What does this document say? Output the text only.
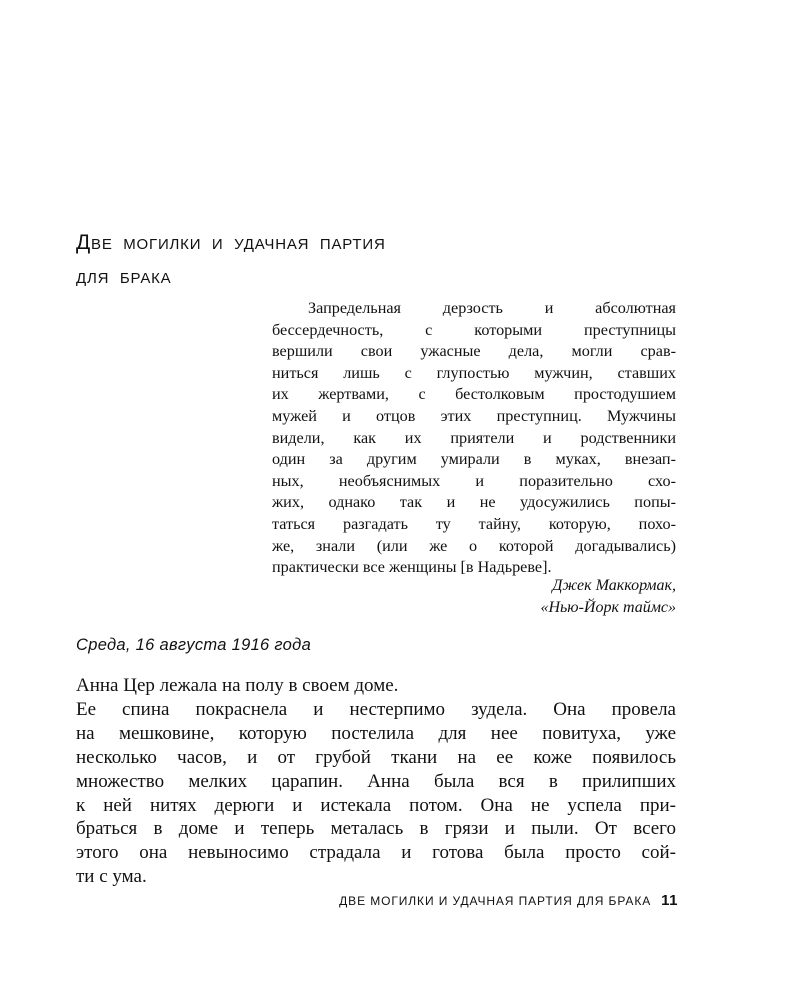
Две могилки и удачная партия
для брака
Запредельная дерзость и абсолютная
бессердечность, с которыми преступницы
вершили свои ужасные дела, могли срав-
ниться лишь с глупостью мужчин, ставших
их жертвами, с бестолковым простодушием
мужей и отцов этих преступниц. Мужчины
видели, как их приятели и родственники
один за другим умирали в муках, внезап-
ных, необъяснимых и поразительно схо-
жих, однако так и не удосужились попы-
таться разгадать ту тайну, которую, похо-
же, знали (или же о которой догадывались)
практически все женщины [в Надьреве].
Джек Маккормак,
«Нью-Йорк таймс»
Среда, 16 августа 1916 года
Анна Цер лежала на полу в своем доме.
Ее спина покраснела и нестерпимо зудела. Она провела
на мешковине, которую постелила для нее повитуха, уже
несколько часов, и от грубой ткани на ее коже появилось
множество мелких царапин. Анна была вся в прилипших
к ней нитях дерюги и истекала потом. Она не успела при-
браться в доме и теперь металась в грязи и пыли. От всего
этого она невыносимо страдала и готова была просто сой-
ти с ума.
ДВЕ МОГИЛКИ И УДАЧНАЯ ПАРТИЯ ДЛЯ БРАКА 11
